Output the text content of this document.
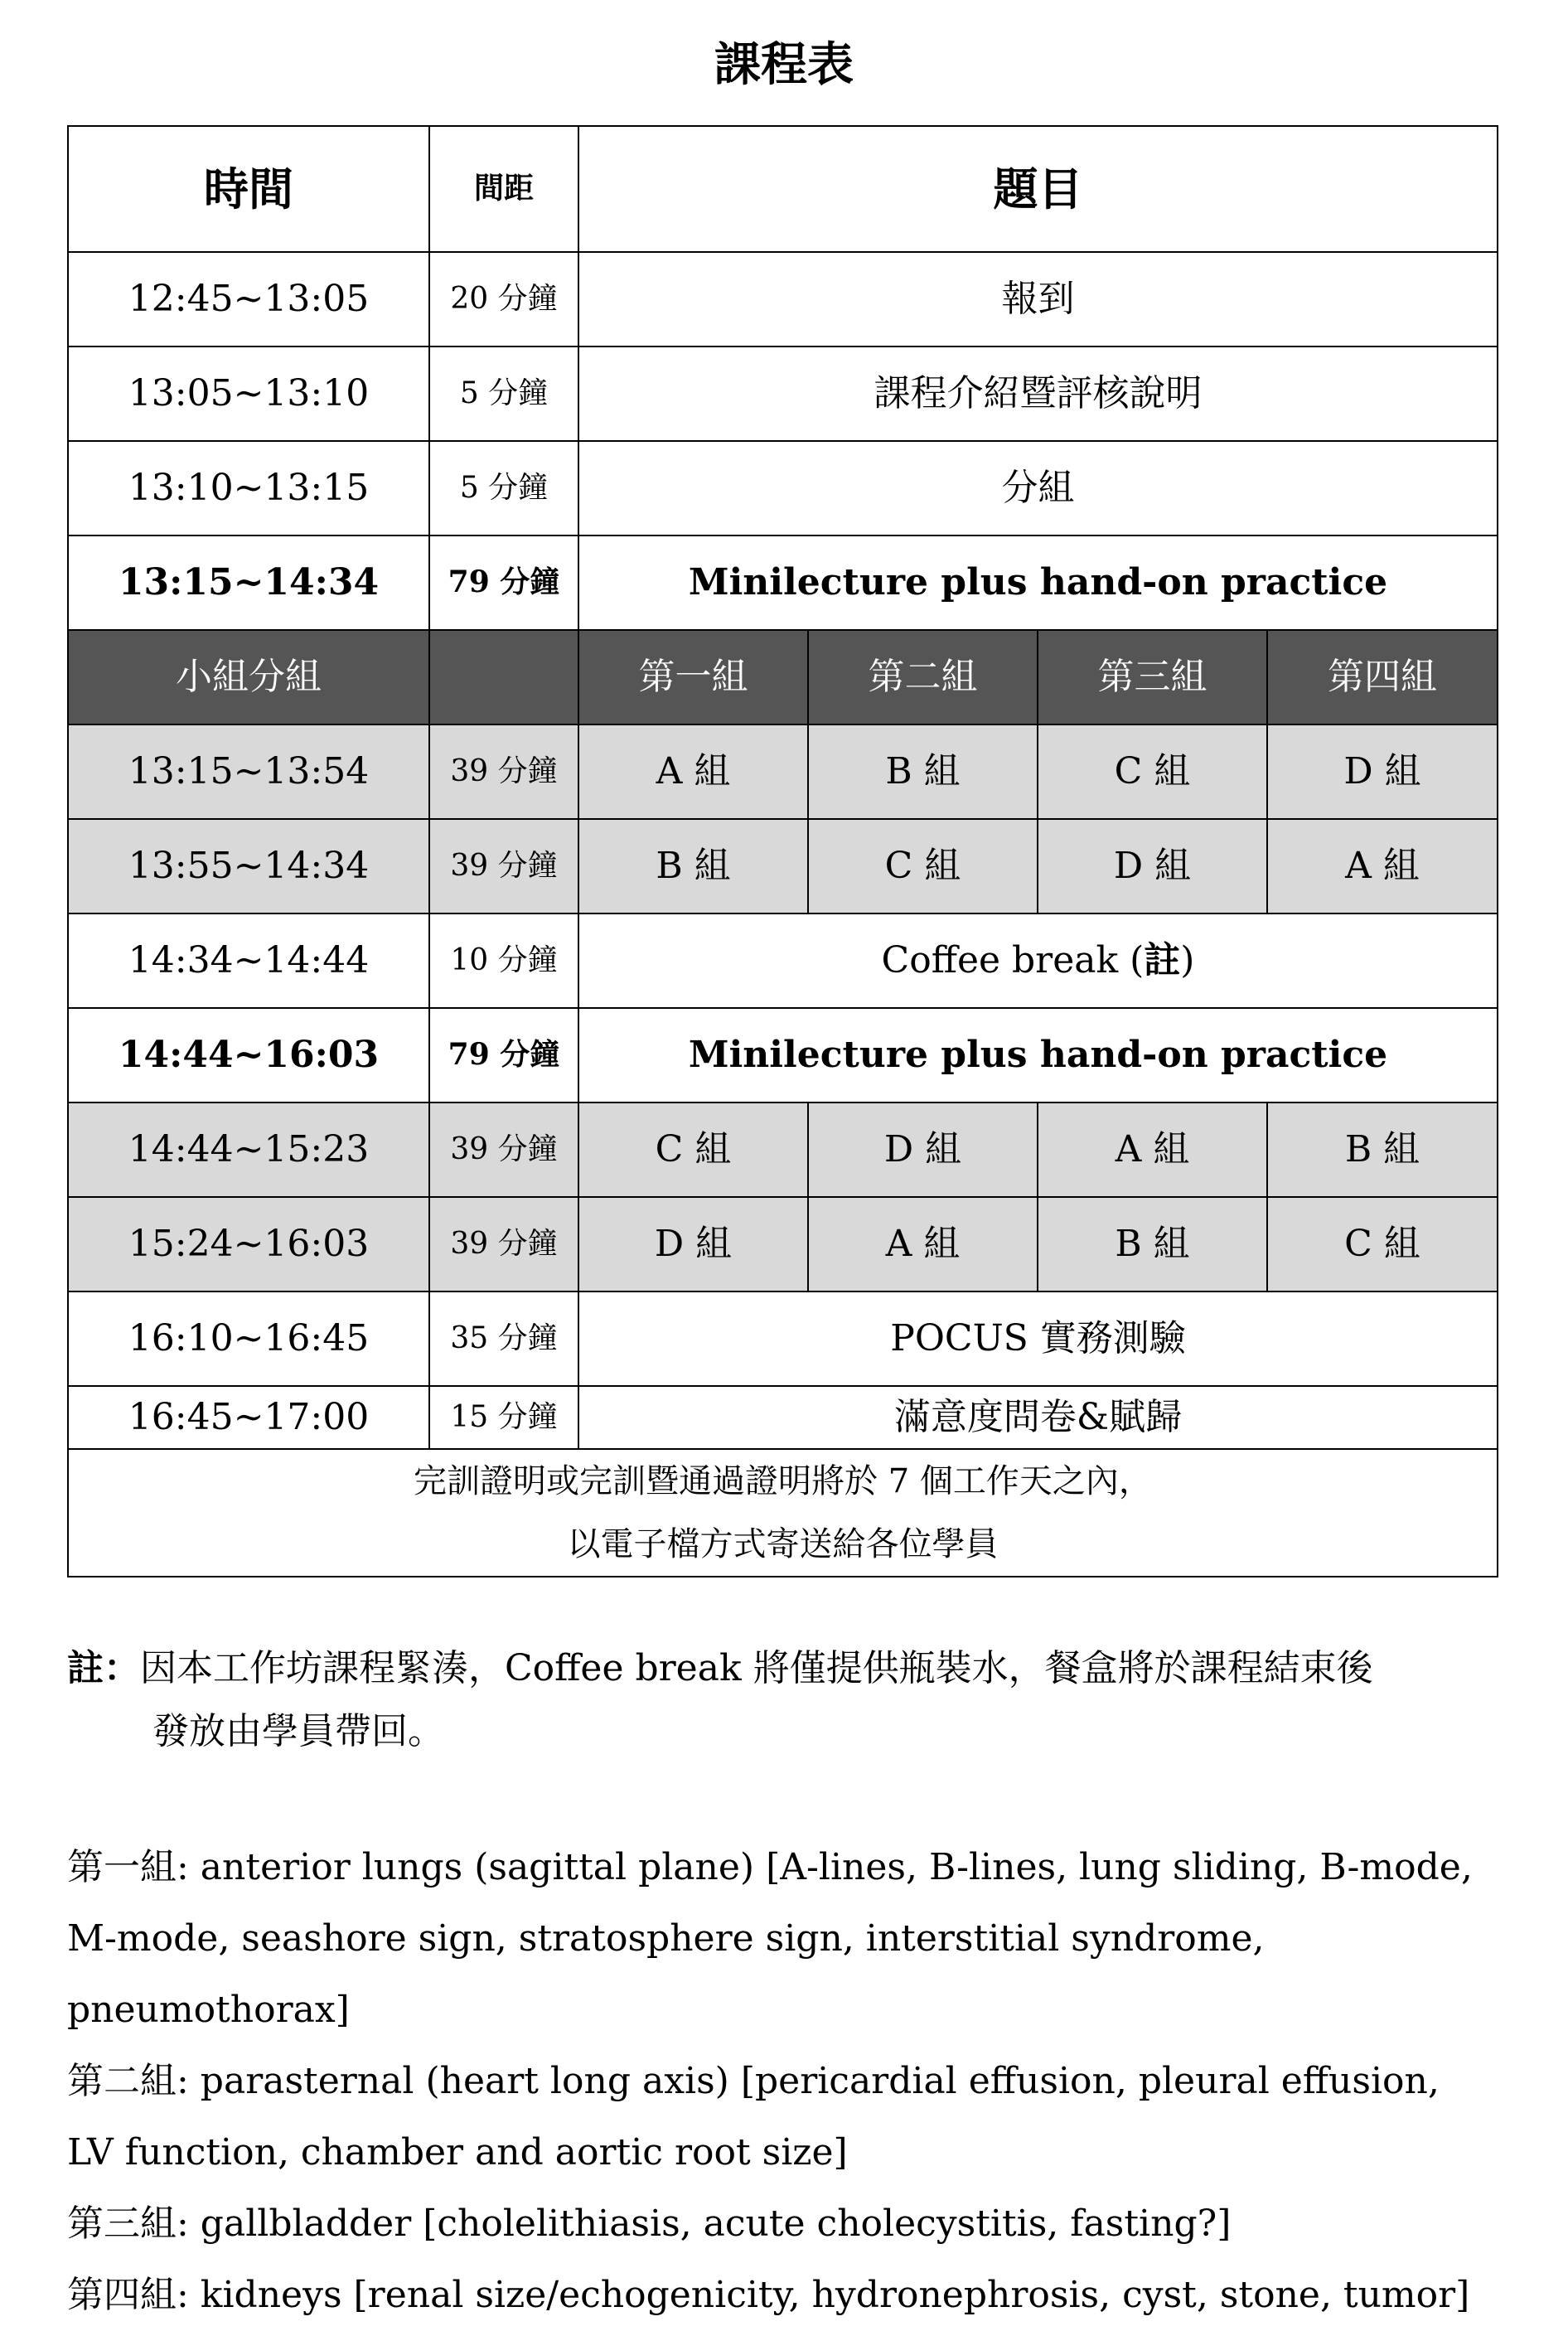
課程表
時間	間距	題目			
12:45~13:05	20 分鐘	報到			
13:05~13:10	5 分鐘	課程介紹暨評核說明			
13:10~13:15	5 分鐘	分組			
13:15~14:34	79 分鐘	Minilecture plus hand-on practice			
小組分組		第一組	第二組	第三組	第四組
13:15~13:54	39 分鐘	A 組	B 組	C 組	D 組
13:55~14:34	39 分鐘	B 組	C 組	D 組	A 組
14:34~14:44	10 分鐘	Coffee break (註)			
14:44~16:03	79 分鐘	Minilecture plus hand-on practice			
14:44~15:23	39 分鐘	C 組	D 組	A 組	B 組
15:24~16:03	39 分鐘	D 組	A 組	B 組	C 組
16:10~16:45	35 分鐘	POCUS 實務測驗			
16:45~17:00	15 分鐘	滿意度問卷&賦歸			

完訓證明或完訓暨通過證明將於 7 個工作天之內，
以電子檔方式寄送給各位學員					
註：因本工作坊課程緊湊，Coffee break 將僅提供瓶裝水，餐盒將於課程結束後
發放由學員帶回。
第一組: anterior lungs (sagittal plane) [A-lines, B-lines, lung sliding, B-mode, M-mode, seashore sign, stratosphere sign, interstitial syndrome, pneumothorax]
第二組: parasternal (heart long axis) [pericardial effusion, pleural effusion, LV function, chamber and aortic root size]
第三組: gallbladder [cholelithiasis, acute cholecystitis, fasting?]
第四組: kidneys [renal size/echogenicity, hydronephrosis, cyst, stone, tumor]
